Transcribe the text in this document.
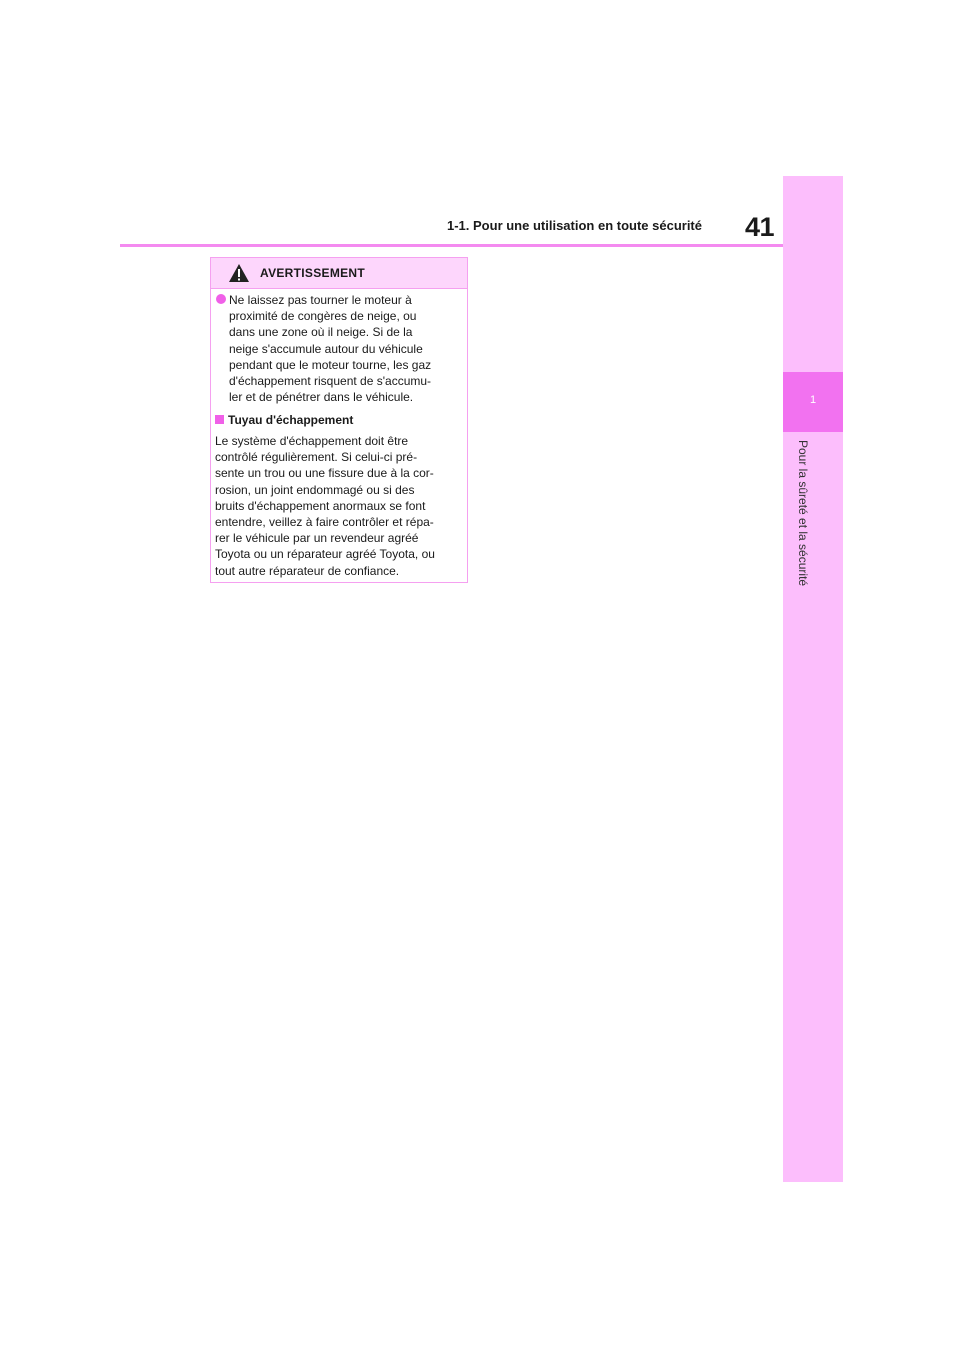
1-1. Pour une utilisation en toute sécurité 41
1
Pour la sûreté et la sécurité
AVERTISSEMENT
Ne laissez pas tourner le moteur à
proximité de congères de neige, ou
dans une zone où il neige. Si de la
neige s'accumule autour du véhicule
pendant que le moteur tourne, les gaz
d'échappement risquent de s'accumu-
ler et de pénétrer dans le véhicule.
Tuyau d'échappement
Le système d'échappement doit être
contrôlé régulièrement. Si celui-ci pré-
sente un trou ou une fissure due à la cor-
rosion, un joint endommagé ou si des
bruits d'échappement anormaux se font
entendre, veillez à faire contrôler et répa-
rer le véhicule par un revendeur agréé
Toyota ou un réparateur agréé Toyota, ou
tout autre réparateur de confiance.
